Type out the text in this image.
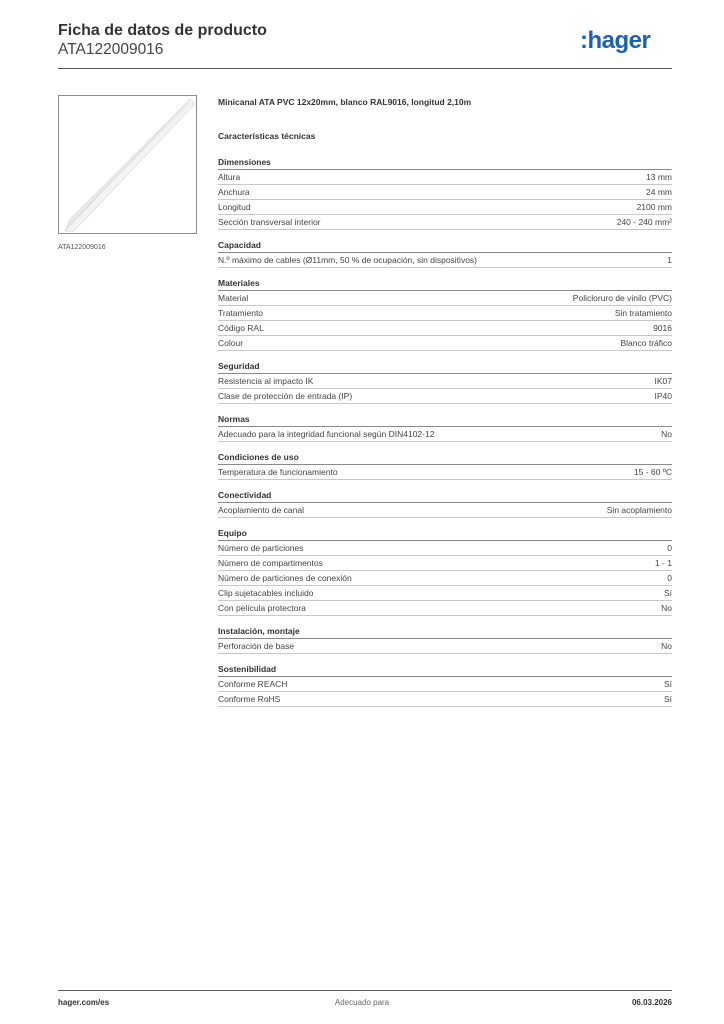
Ficha de datos de producto
ATA122009016	:hager
ATA122009016
Minicanal ATA PVC 12x20mm, blanco RAL9016, longitud 2,10m
Características técnicas
Dimensiones
Altura	13 mm
Anchura	24 mm
Longitud	2100 mm
Sección transversal interior	240 - 240 mm²
Capacidad
N.º máximo de cables (Ø11mm, 50 % de ocupación, sin dispositivos)	1
Materiales
Material	Policloruro de vinilo (PVC)
Tratamiento	Sin tratamiento
Código RAL	9016
Colour	Blanco tráfico
Seguridad
Resistencia al impacto IK	IK07
Clase de protección de entrada (IP)	IP40
Normas
Adecuado para la integridad funcional según DIN4102-12	No
Condiciones de uso
Temperatura de funcionamiento	15 - 60 ºC
Conectividad
Acoplamiento de canal	Sin acoplamiento
Equipo
Número de particiones	0
Número de compartimentos	1 - 1
Número de particiones de conexión	0
Clip sujetacables incluido	Sí
Con película protectora	No
Instalación, montaje
Perforación de base	No
Sostenibilidad
Conforme REACH	Sí
Conforme RoHS	Sí
hager.com/es	Adecuado para	06.03.2026
